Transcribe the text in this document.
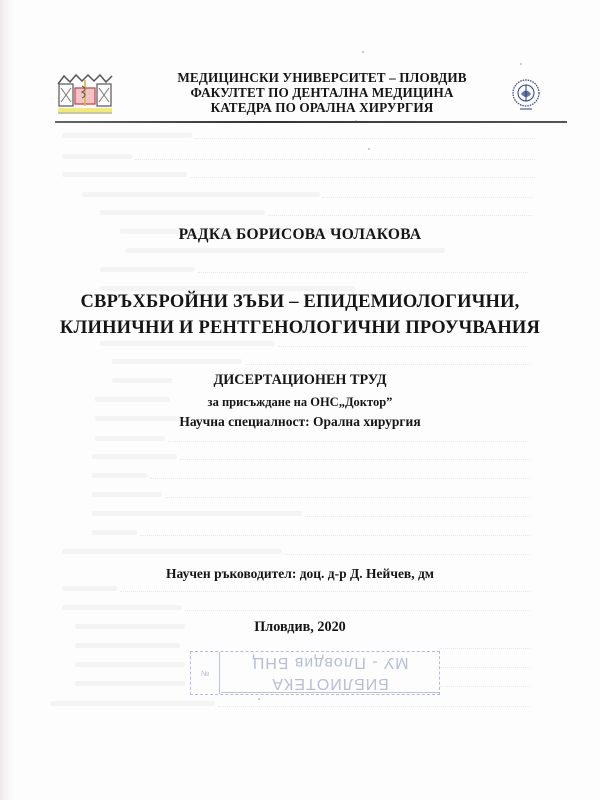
МЕДИЦИНСКИ УНИВЕРСИТЕТ – ПЛОВДИВ
ФАКУЛТЕТ ПО ДЕНТАЛНА МЕДИЦИНА
КАТЕДРА ПО ОРАЛНА ХИРУРГИЯ
РАДКА БОРИСОВА ЧОЛАКОВА
СВРЪХБРОЙНИ ЗЪБИ – ЕПИДЕМИОЛОГИЧНИ,
КЛИНИЧНИ И РЕНТГЕНОЛОГИЧНИ ПРОУЧВАНИЯ
ДИСЕРТАЦИОНЕН ТРУД
за присъждане на ОНС„Доктор”
Научна специалност: Орална хирургия
Научен ръководител: доц. д-р Д. Нейчев, дм
Пловдив, 2020
№
МУ - Пловдив БНЦ
БИБЛИОТЕКА
